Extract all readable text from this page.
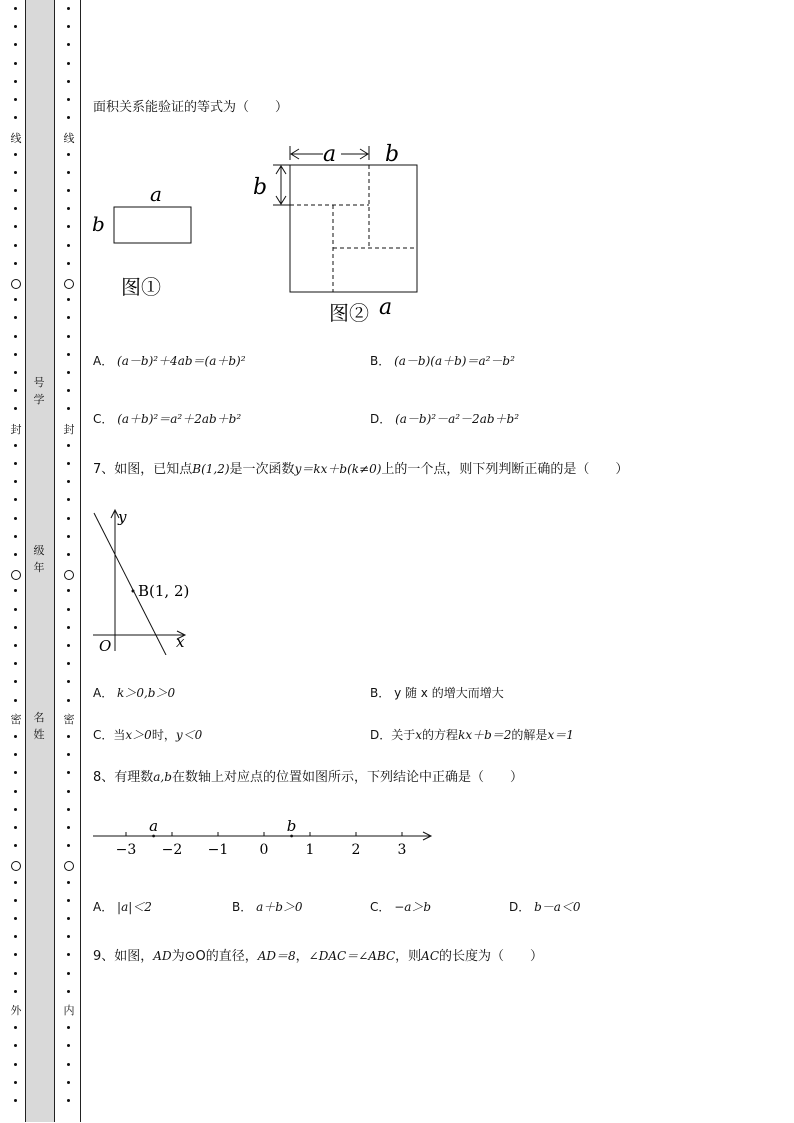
线
封
密
外
线
封
密
内
号学
级年
名姓
面积关系能验证的等式为（　　）
a
b
图①
a b
b
图② a
A． (a－b)²＋4ab＝(a＋b)²	B． (a－b)(a＋b)＝a²－b²
C． (a＋b)²＝a²＋2ab＋b²	D． (a－b)²－a²－2ab＋b²
7、如图，已知点B(1,2)是一次函数y＝kx＋b(k≠0)上的一个点，则下列判断正确的是（　　）
y
x
O
B(1, 2)
A． k＞0,b＞0	B． y 随 x 的增大而增大
C．当x＞0时，y＜0	D．关于x的方程kx＋b＝2的解是x＝1
8、有理数a,b在数轴上对应点的位置如图所示，下列结论中正确是（　　）
−3 −2 −1 0	1	2	3
a	b
A． |a|＜2	B． a＋b＞0	C． −a＞b	D． b－a＜0
9、如图，AD为⊙O的直径，AD＝8，∠DAC＝∠ABC，则AC的长度为（　　）
